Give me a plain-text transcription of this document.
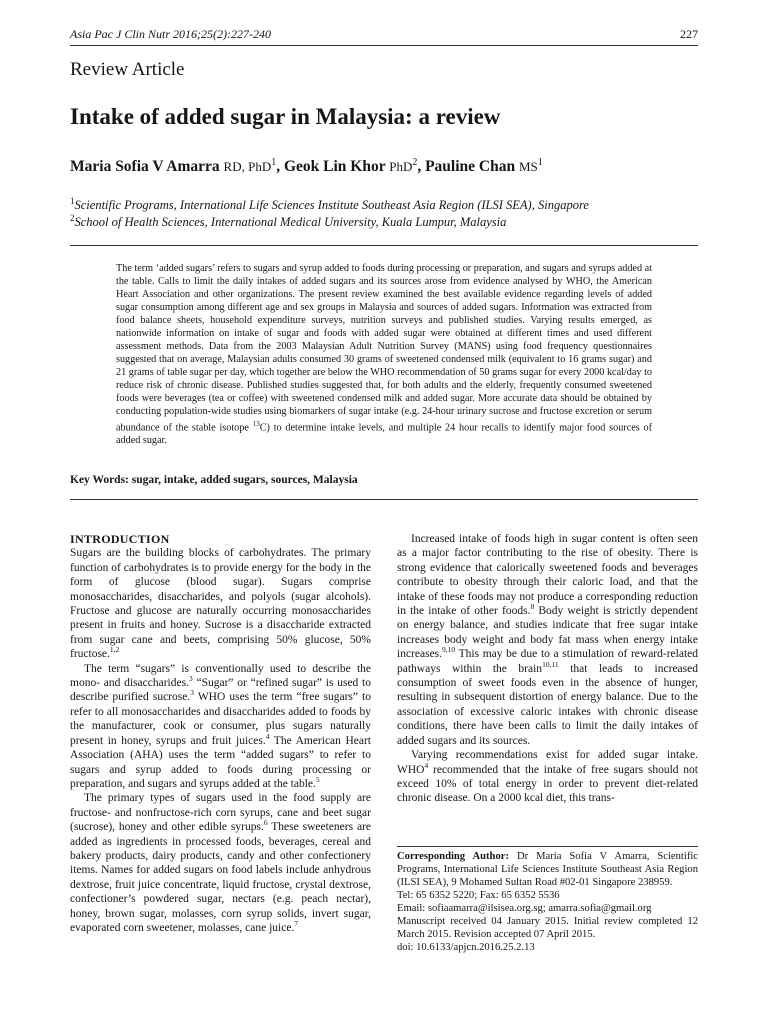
Asia Pac J Clin Nutr 2016;25(2):227-240	227
Review Article
Intake of added sugar in Malaysia: a review
Maria Sofia V Amarra RD, PhD$^1$, Geok Lin Khor PhD$^2$, Pauline Chan $MS^1$
$^1$Scientific Programs, International Life Sciences Institute Southeast Asia Region (ILSI SEA), Singapore
$^2$School of Health Sciences, International Medical University, Kuala Lumpur, Malaysia

The term ‘added sugars’ refers to sugars and syrup added to foods during processing or preparation, and sugars and syrups added at the table. Calls to limit the daily intakes of added sugars and its sources arose from evidence analysed by WHO, the American Heart Association and other organizations. The present review examined the best available evidence regarding levels of added sugar consumption among different age and sex groups in Malaysia and sources of added sugars. Information was extracted from food balance sheets, household expenditure surveys, nutrition surveys and published studies. Varying results emerged, as nationwide information on intake of sugar and foods with added sugar were obtained at different times and used different assessment methods. Data from the 2003 Malaysian Adult Nutrition Survey (MANS) using food frequency questionnaires suggested that on average, Malaysian adults consumed 30 grams of sweetened condensed milk (equivalent to 16 grams sugar) and 21 grams of table sugar per day, which together are below the WHO recommendation of 50 grams sugar for every 2000 kcal/day to reduce risk of chronic disease. Published studies suggested that, for both adults and the elderly, frequently consumed sweetened foods were beverages (tea or coffee) with sweetened condensed milk and added sugar. More accurate data should be obtained by conducting population-wide studies using biomarkers of sugar intake (e.g. 24-hour urinary sucrose and fructose excretion or serum abundance of the stable isotope $^{13}$C) to determine intake levels, and multiple 24 hour recalls to identify major food sources of added sugar.

Key Words: sugar, intake, added sugars, sources, Malaysia

INTRODUCTION

Sugars are the building blocks of carbohydrates. The primary function of carbohydrates is to provide energy for the body in the form of glucose (blood sugar). Sugars comprise monosaccharides, disaccharides, and polyols (sugar alcohols). Fructose and glucose are naturally occurring monosaccharides present in fruits and honey. Sucrose is a disaccharide extracted from sugar cane and beets, comprising 50% glucose, 50% fructose.$^{1,2}$

The term “sugars” is conventionally used to describe the mono- and disaccharides.$^3$ “Sugar” or “refined sugar” is used to describe purified sucrose.$^3$ WHO uses the term “free sugars” to refer to all monosaccharides and disaccharides added to foods by the manufacturer, cook or consumer, plus sugars naturally present in honey, syrups and fruit juices.$^4$ The American Heart Association (AHA) uses the term “added sugars” to refer to sugars and syrup added to foods during processing or preparation, and sugars and syrups added at the table.$^5$

The primary types of sugars used in the food supply are fructose- and nonfructose-rich corn syrups, cane and beet sugar (sucrose), honey and other edible syrups.$^6$ These sweeteners are added as ingredients in processed foods, beverages, cereal and bakery products, dairy products, candy and other confectionery items. Names for added sugars on food labels include anhydrous dextrose, fruit juice concentrate, liquid fructose, crystal dextrose, confectioner’s powdered sugar, nectars (e.g. peach nectar), honey, brown sugar, molasses, corn syrup solids, invert sugar, evaporated corn sweetener, molasses, cane juice.$^7$

Increased intake of foods high in sugar content is often seen as a major factor contributing to the rise of obesity. There is strong evidence that calorically sweetened foods and beverages contribute to obesity through their caloric load, and that the intake of these foods may not produce a corresponding reduction in the intake of other foods.$^8$ Body weight is strictly dependent on energy balance, and studies indicate that free sugar intake increases body weight and body fat mass when energy intake increases.$^{9,10}$ This may be due to a stimulation of reward-related pathways within the brain$^{10,11}$ that leads to increased consumption of sweet foods even in the absence of hunger, resulting in subsequent distortion of energy balance. Due to the association of excessive caloric intakes with chronic disease conditions, there have been calls to limit the daily intakes of added sugars and its sources.

Varying recommendations exist for added sugar intake. WHO$^4$ recommended that the intake of free sugars should not exceed 10% of total energy in order to prevent diet-related chronic disease. On a 2000 kcal diet, this trans-

Corresponding Author: Dr Maria Sofia V Amarra, Scientific Programs, International Life Sciences Institute Southeast Asia Region (ILSI SEA), 9 Mohamed Sultan Road #02-01 Singapore 238959.

Tel: 65 6352 5220; Fax: 65 6352 5536

Email: sofiaamarra@ilsisea.org.sg; amarra.sofia@gmail.org

Manuscript received 04 January 2015. Initial review completed 12 March 2015. Revision accepted 07 April 2015.

doi: 10.6133/apjcn.2016.25.2.13
